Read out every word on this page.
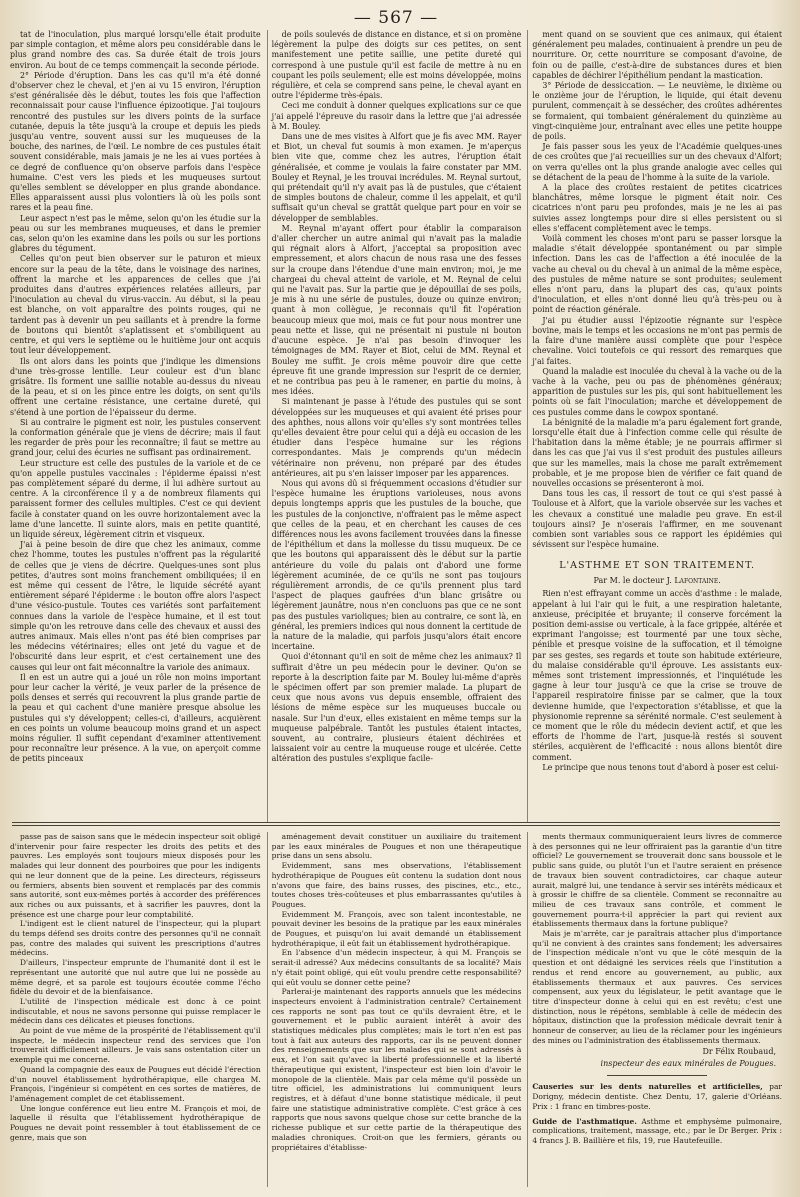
— 567 —

tat de l'inoculation, plus marqué lorsqu'elle était produite par simple contagion, et même alors peu considérable dans le plus grand nombre des cas. Sa durée était de trois jours environ. Au bout de ce temps commençait la seconde période.

2° Période d'éruption. Dans les cas qu'il m'a été donné d'observer chez le cheval, et j'en ai vu 15 environ, l'éruption s'est généralisée dès le début, toutes les fois que l'affection reconnaissait pour cause l'influence épizootique. J'ai toujours rencontré des pustules sur les divers points de la surface cutanée, depuis la tête jusqu'à la croupe et depuis les pieds jusqu'au ventre, souvent aussi sur les muqueuses de la bouche, des narines, de l'œil. Le nombre de ces pustules était souvent considérable, mais jamais je ne les ai vues portées à ce degré de confluence qu'on observe parfois dans l'espèce humaine. C'est vers les pieds et les muqueuses surtout qu'elles semblent se développer en plus grande abondance. Elles apparaissent aussi plus volontiers là où les poils sont rares et la peau fine.

Leur aspect n'est pas le même, selon qu'on les étudie sur la peau ou sur les membranes muqueuses, et dans le premier cas, selon qu'on les examine dans les poils ou sur les portions glabres du tégument.

Celles qu'on peut bien observer sur le paturon et mieux encore sur la peau de la tête, dans le voisinage des narines, offrent la marche et les apparences de celles que j'ai produites dans d'autres expériences relatées ailleurs, par l'inoculation au cheval du virus-vaccin. Au début, si la peau est blanche, on voit apparaître des points rouges, qui ne tardent pas à devenir un peu saillants et à prendre la forme de boutons qui bientôt s'aplatissent et s'ombiliquent au centre, et qui vers le septième ou le huitième jour ont acquis tout leur développement.

Ils ont alors dans les points que j'indique les dimensions d'une très-grosse lentille. Leur couleur est d'un blanc grisâtre. Ils forment une saillie notable au-dessus du niveau de la peau, et si on les pince entre les doigts, on sent qu'ils offrent une certaine résistance, une certaine dureté, qui s'étend à une portion de l'épaisseur du derme.

Si au contraire le pigment est noir, les pustules conservent la conformation générale que je viens de décrire; mais il faut les regarder de près pour les reconnaître; il faut se mettre au grand jour, celui des écuries ne suffisant pas ordinairement.

Leur structure est celle des pustules de la variole et de ce qu'on appelle pustules vaccinales : l'épiderme épaissi n'est pas complètement séparé du derme, il lui adhère surtout au centre. A la circonférence il y a de nombreux filaments qui paraissent former des cellules multiples. C'est ce qui devient facile à constater quand on les ouvre horizontalement avec la lame d'une lancette. Il suinte alors, mais en petite quantité, un liquide séreux, légèrement citrin et visqueux.

J'ai à peine besoin de dire que chez les animaux, comme chez l'homme, toutes les pustules n'offrent pas la régularité de celles que je viens de décrire. Quelques-unes sont plus petites, d'autres sont moins franchement ombiliquées; il en est même qui cessent de l'être, le liquide sécrété ayant entièrement séparé l'épiderme : le bouton offre alors l'aspect d'une vésico-pustule. Toutes ces variétés sont parfaitement connues dans la variole de l'espèce humaine, et il est tout simple qu'on les retrouve dans celle des chevaux et aussi des autres animaux. Mais elles n'ont pas été bien comprises par les médecins vétérinaires; elles ont jeté du vague et de l'obscurité dans leur esprit, et c'est certainement une des causes qui leur ont fait méconnaître la variole des animaux.

Il en est un autre qui a joué un rôle non moins important pour leur cacher la vérité, je veux parler de la présence de poils denses et serrés qui recouvrent la plus grande partie de la peau et qui cachent d'une manière presque absolue les pustules qui s'y développent; celles-ci, d'ailleurs, acquièrent en ces points un volume beaucoup moins grand et un aspect moins régulier. Il suffit cependant d'examiner attentivement pour reconnaître leur présence. A la vue, on aperçoit comme de petits pinceaux

de poils soulevés de distance en distance, et si on promène légèrement la pulpe des doigts sur ces petites, on sent manifestement une petite saillie, une petite dureté qui correspond à une pustule qu'il est facile de mettre à nu en coupant les poils seulement; elle est moins développée, moins régulière, et cela se comprend sans peine, le cheval ayant en outre l'épiderme très-épais.

Ceci me conduit à donner quelques explications sur ce que j'ai appelé l'épreuve du rasoir dans la lettre que j'ai adressée à M. Bouley.

Dans une de mes visites à Alfort que je fis avec MM. Rayer et Biot, un cheval fut soumis à mon examen. Je m'aperçus bien vite que, comme chez les autres, l'éruption était généralisée, et comme je voulais la faire constater par MM. Bouley et Reynal, je les trouvai incrédules. M. Reynal surtout, qui prétendait qu'il n'y avait pas là de pustules, que c'étaient de simples boutons de chaleur, comme il les appelait, et qu'il suffisait qu'un cheval se grattât quelque part pour en voir se développer de semblables.

M. Reynal m'ayant offert pour établir la comparaison d'aller chercher un autre animal qui n'avait pas la maladie qui régnait alors à Alfort, j'acceptai sa proposition avec empressement, et alors chacun de nous rasa une des fesses sur la croupe dans l'étendue d'une main environ; moi, je me chargeai du cheval atteint de variole, et M. Reynal de celui qui ne l'avait pas. Sur la partie que je dépouillai de ses poils, je mis à nu une série de pustules, douze ou quinze environ; quant à mon collègue, je reconnais qu'il fit l'opération beaucoup mieux que moi, mais ce fut pour nous montrer une peau nette et lisse, qui ne présentait ni pustule ni bouton d'aucune espèce. Je n'ai pas besoin d'invoquer les témoignages de MM. Rayer et Biot, celui de MM. Reynal et Bouley me suffit. Je crois même pouvoir dire que cette épreuve fit une grande impression sur l'esprit de ce dernier, et ne contribua pas peu à le ramener, en partie du moins, à mes idées.

Si maintenant je passe à l'étude des pustules qui se sont développées sur les muqueuses et qui avaient été prises pour des aphthes, nous allons voir qu'elles s'y sont montrées telles qu'elles devaient être pour celui qui a déjà eu occasion de les étudier dans l'espèce humaine sur les régions correspondantes. Mais je comprends qu'un médecin vétérinaire non prévenu, non préparé par des études antérieures, ait pu s'en laisser imposer par les apparences.

Nous qui avons dû si fréquemment occasions d'étudier sur l'espèce humaine les éruptions varioleuses, nous avons depuis longtemps appris que les pustules de la bouche, que les pustules de la conjonctive, n'offraient pas le même aspect que celles de la peau, et en cherchant les causes de ces différences nous les avons facilement trouvées dans la finesse de l'épithélium et dans la mollesse du tissu muqueux. De ce que les boutons qui apparaissent dès le début sur la partie antérieure du voile du palais ont d'abord une forme légèrement acuminée, de ce qu'ils ne sont pas toujours régulièrement arrondis, de ce qu'ils prennent plus tard l'aspect de plaques gaufrées d'un blanc grisâtre ou légèrement jaunâtre, nous n'en concluons pas que ce ne sont pas des pustules varioliques; bien au contraire, ce sont là, en général, les premiers indices qui nous donnent la certitude de la nature de la maladie, qui parfois jusqu'alors était encore incertaine.

Quoi d'étonnant qu'il en soit de même chez les animaux? Il suffirait d'être un peu médecin pour le deviner. Qu'on se reporte à la description faite par M. Bouley lui-même d'après le spécimen offert par son premier malade. La plupart de ceux que nous avons vus depuis ensemble, offraient des lésions de même espèce sur les muqueuses buccale ou nasale. Sur l'un d'eux, elles existaient en même temps sur la muqueuse palpébrale. Tantôt les pustules étaient intactes, souvent, au contraire, plusieurs étaient déchirées et laissaient voir au centre la muqueuse rouge et ulcérée. Cette altération des pustules s'explique facile-

ment quand on se souvient que ces animaux, qui étaient généralement peu malades, continuaient à prendre un peu de nourriture. Or, cette nourriture se composant d'avoine, de foin ou de paille, c'est-à-dire de substances dures et bien capables de déchirer l'épithélium pendant la mastication.

3° Période de dessiccation. — Le neuvième, le dixième ou le onzième jour de l'éruption, le liquide, qui était devenu purulent, commençait à se dessécher, des croûtes adhérentes se formaient, qui tombaient généralement du quinzième au vingt-cinquième jour, entraînant avec elles une petite houppe de poils.

Je fais passer sous les yeux de l'Académie quelques-unes de ces croûtes que j'ai recueillies sur un des chevaux d'Alfort; on verra qu'elles ont la plus grande analogie avec celles qui se détachent de la peau de l'homme à la suite de la variole.

A la place des croûtes restaient de petites cicatrices blanchâtres, même lorsque le pigment était noir. Ces cicatrices n'ont paru peu profondes, mais je ne les ai pas suivies assez longtemps pour dire si elles persistent ou si elles s'effacent complètement avec le temps.

Voilà comment les choses m'ont paru se passer lorsque la maladie s'était développée spontanément ou par simple infection. Dans les cas de l'affection a été inoculée de la vache au cheval ou du cheval à un animal de la même espèce, des pustules de même nature se sont produites; seulement elles n'ont paru, dans la plupart des cas, qu'aux points d'inoculation, et elles n'ont donné lieu qu'à très-peu ou à point de réaction générale.

J'ai pu étudier aussi l'épizootie régnante sur l'espèce bovine, mais le temps et les occasions ne m'ont pas permis de la faire d'une manière aussi complète que pour l'espèce chevaline. Voici toutefois ce qui ressort des remarques que j'ai faites.

Quand la maladie est inoculée du cheval à la vache ou de la vache à la vache, peu ou pas de phénomènes généraux; apparition de pustules sur les pis, qui sont habituellement les points où se fait l'inoculation; marche et développement de ces pustules comme dans le cowpox spontané.

La bénignité de la maladie m'a paru également fort grande, lorsqu'elle était due à l'infection comme celle qui résulte de l'habitation dans la même étable; je ne pourrais affirmer si dans les cas que j'ai vus il s'est produit des pustules ailleurs que sur les mamelles, mais la chose me paraît extrêmement probable, et je me propose bien de vérifier ce fait quand de nouvelles occasions se présenteront à moi.

Dans tous les cas, il ressort de tout ce qui s'est passé à Toulouse et à Alfort, que la variole observée sur les vaches et les chevaux a constitué une maladie peu grave. En est-il toujours ainsi? Je n'oserais l'affirmer, en me souvenant combien sont variables sous ce rapport les épidémies qui sévissent sur l'espèce humaine.

L'ASTHME ET SON TRAITEMENT.
Par M. le docteur J. Lafontaine.

Rien n'est effrayant comme un accès d'asthme : le malade, appelant à lui l'air qui le fuit, a une respiration haletante, anxieuse, précipitée et bruyante; il conserve forcément la position demi-assise ou verticale, à la face grippée, altérée et exprimant l'angoisse; est tourmenté par une toux sèche, pénible et presque voisine de la suffocation, et il témoigne par ses gestes, ses regards et toute son habitude extérieure, du malaise considérable qu'il éprouve. Les assistants eux-mêmes sont tristement impressionnés, et l'inquiétude les gagne à leur tour jusqu'à ce que la crise se trouve de l'appareil respiratoire finisse par se calmer, que la toux devienne humide, que l'expectoration s'établisse, et que la physionomie reprenne sa sérénité normale. C'est seulement à ce moment que le rôle du médecin devient actif, et que les efforts de l'homme de l'art, jusque-là restés si souvent stériles, acquièrent de l'efficacité : nous allons bientôt dire comment.

Le principe que nous tenons tout d'abord à poser est celui-

passe pas de saison sans que le médecin inspecteur soit obligé d'intervenir pour faire respecter les droits des petits et des pauvres. Les employés sont toujours mieux disposés pour les malades qui leur donnent des pourboires que pour les indigents qui ne leur donnent que de la peine. Les directeurs, régisseurs ou fermiers, absents bien souvent et remplacés par des commis sans autorité, sont eux-mêmes portés à accorder des préférences aux riches ou aux puissants, et à sacrifier les pauvres, dont la présence est une charge pour leur comptabilité.

L'indigent est le client naturel de l'inspecteur, qui la plupart du temps défend ses droits contre des personnes qu'il ne connaît pas, contre des malades qui suivent les prescriptions d'autres médecins.

D'ailleurs, l'inspecteur emprunte de l'humanité dont il est le représentant une autorité que nul autre que lui ne possède au même degré, et sa parole est toujours écoutée comme l'écho fidèle du devoir et de la bienfaisance.

L'utilité de l'inspection médicale est donc à ce point indiscutable, et nous ne savons personne qui puisse remplacer le médecin dans ces délicates et pieuses fonctions.

Au point de vue même de la prospérité de l'établissement qu'il inspecte, le médecin inspecteur rend des services que l'on trouverait difficilement ailleurs. Je vais sans ostentation citer un exemple qui me concerne.

Quand la compagnie des eaux de Pougues eut décidé l'érection d'un nouvel établissement hydrothérapique, elle chargea M. François, l'ingénieur si compétent en ces sortes de matières, de l'aménagement complet de cet établissement.

Une longue conférence eut lieu entre M. François et moi, de laquelle il résulta que l'établissement hydrothérapique de Pougues ne devait point ressembler à tout établissement de ce genre, mais que son

aménagement devait constituer un auxiliaire du traitement par les eaux minérales de Pougues et non une thérapeutique prise dans un sens absolu.

Evidemment, sans mes observations, l'établissement hydrothérapique de Pougues eût contenu la sudation dont nous n'avons que faire, des bains russes, des piscines, etc., etc., toutes choses très-coûteuses et plus embarrassantes qu'utiles à Pougues.

Evidemment M. François, avec son talent incontestable, ne pouvait deviner les besoins de la pratique par les eaux minérales de Pougues, et puisqu'on lui avait demandé un établissement hydrothérapique, il eût fait un établissement hydrothérapique.

En l'absence d'un médecin inspecteur, à qui M. François se serait-il adressé? Aux médecins consultants de sa localité? Mais n'y était point obligé, qui eût voulu prendre cette responsabilité? qui eût voulu se donner cette peine?

Parlerai-je maintenant des rapports annuels que les médecins inspecteurs envoient à l'administration centrale? Certainement ces rapports ne sont pas tout ce qu'ils devraient être, et le gouvernement et le public auraient intérêt à avoir des statistiques médicales plus complètes; mais le tort n'en est pas tout à fait aux auteurs des rapports, car ils ne peuvent donner des renseignements que sur les malades qui se sont adressés à eux, et l'on sait qu'avec la liberté professionnelle et la liberté thérapeutique qui existent, l'inspecteur est bien loin d'avoir le monopole de la clientèle. Mais par cela même qu'il possède un titre officiel, les administrations lui communiquent leurs registres, et à défaut d'une bonne statistique médicale, il peut faire une statistique administrative complète. C'est grâce à ces rapports que nous savons quelque chose sur cette branche de la richesse publique et sur cette partie de la thérapeutique des maladies chroniques. Croit-on que les fermiers, gérants ou propriétaires d'établisse-

ments thermaux communiqueraient leurs livres de commerce à des personnes qui ne leur offriraient pas la garantie d'un titre officiel? Le gouvernement se trouverait donc sans boussole et le public sans guide, ou plutôt l'un et l'autre seraient en présence de travaux bien souvent contradictoires, car chaque auteur aurait, malgré lui, une tendance à servir ses intérêts médicaux et à grossir le chiffre de sa clientèle. Comment se reconnaître au milieu de ces travaux sans contrôle, et comment le gouvernement pourra-t-il apprécier la part qui revient aux établissements thermaux dans la fortune publique?

Mais je m'arrête, car je paraîtrais attacher plus d'importance qu'il ne convient à des craintes sans fondement; les adversaires de l'inspection médicale n'ont vu que le côté mesquin de la question et ont dédaigné les services réels que l'institution a rendus et rend encore au gouvernement, au public, aux établissements thermaux et aux pauvres. Ces services compensent, aux yeux du législateur, le petit avantage que le titre d'inspecteur donne à celui qui en est revêtu; c'est une distinction, nous le répétons, semblable à celle de médecin des hôpitaux, distinction que la profession médicale devrait tenir à honneur de conserver, au lieu de la réclamer pour les ingénieurs des mines ou l'administration des établissements thermaux.

Dr Félix Roubaud,
inspecteur des eaux minérales de Pougues.

Causeries sur les dents naturelles et artificielles, par Dorigny, médecin dentiste. Chez Dentu, 17, galerie d'Orléans. Prix : 1 franc en timbres-poste.

Guide de l'asthmatique. Asthme et emphysème pulmonaire, complications, traitement, massage, etc.; par le Dr Berger. Prix : 4 francs J. B. Baillière et fils, 19, rue Hautefeuille.
